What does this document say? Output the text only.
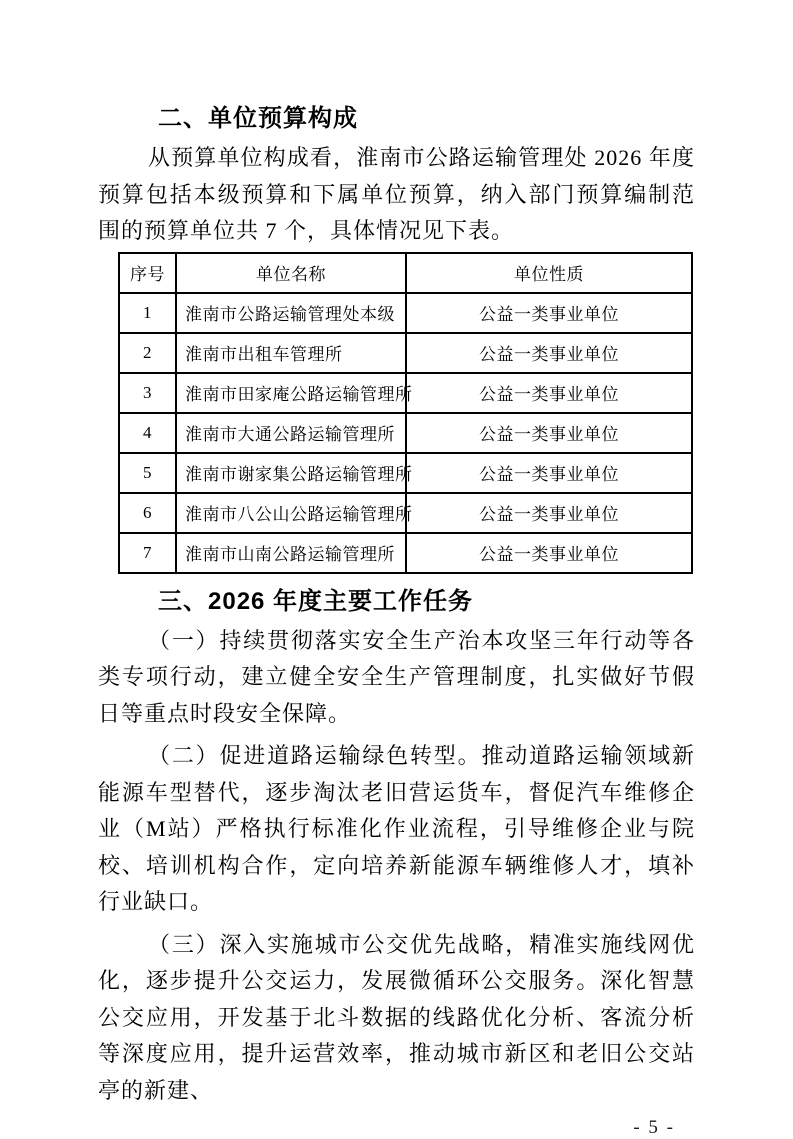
二、单位预算构成

从预算单位构成看，淮南市公路运输管理处 2026 年度预算包括本级预算和下属单位预算，纳入部门预算编制范围的预算单位共 7 个，具体情况见下表。

序号	单位名称	单位性质
1	淮南市公路运输管理处本级	公益一类事业单位
2	淮南市出租车管理所	公益一类事业单位
3	淮南市田家庵公路运输管理所	公益一类事业单位
4	淮南市大通公路运输管理所	公益一类事业单位
5	淮南市谢家集公路运输管理所	公益一类事业单位
6	淮南市八公山公路运输管理所	公益一类事业单位
7	淮南市山南公路运输管理所	公益一类事业单位
三、2026 年度主要工作任务

（一）持续贯彻落实安全生产治本攻坚三年行动等各类专项行动，建立健全安全生产管理制度，扎实做好节假日等重点时段安全保障。

（二）促进道路运输绿色转型。推动道路运输领域新能源车型替代，逐步淘汰老旧营运货车，督促汽车维修企业（M站）严格执行标准化作业流程，引导维修企业与院校、培训机构合作，定向培养新能源车辆维修人才，填补行业缺口。

（三）深入实施城市公交优先战略，精准实施线网优化，逐步提升公交运力，发展微循环公交服务。深化智慧公交应用，开发基于北斗数据的线路优化分析、客流分析等深度应用，提升运营效率，推动城市新区和老旧公交站亭的新建、

- 5 -
